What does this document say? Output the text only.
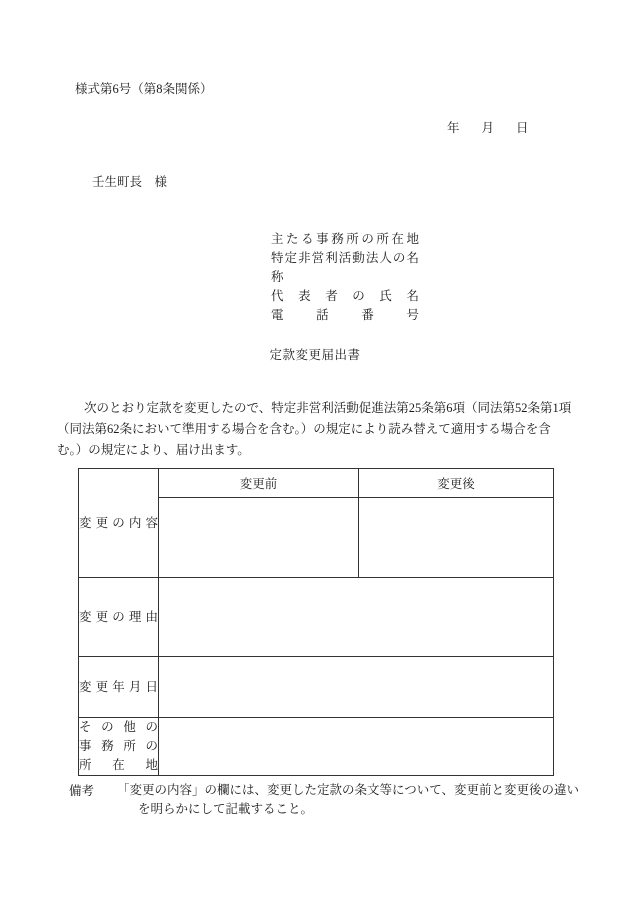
様式第6号（第8条関係）
年 月 日
壬生町長　様
主たる事務所の所在地
特定非営利活動法人の名称
代表者の氏名
電話番号
定款変更届出書
次のとおり定款を変更したので、特定非営利活動促進法第25条第6項（同法第52条第1項
（同法第62条において準用する場合を含む。）の規定により読み替えて適用する場合を含
む。）の規定により、届け出ます。
変更の内容	変更前	変更後

変更の理由		

変更年月日		

その他の
事務所の
所在地		

備考 「変更の内容」の欄には、変更した定款の条文等について、変更前と変更後の違い
を明らかにして記載すること。
